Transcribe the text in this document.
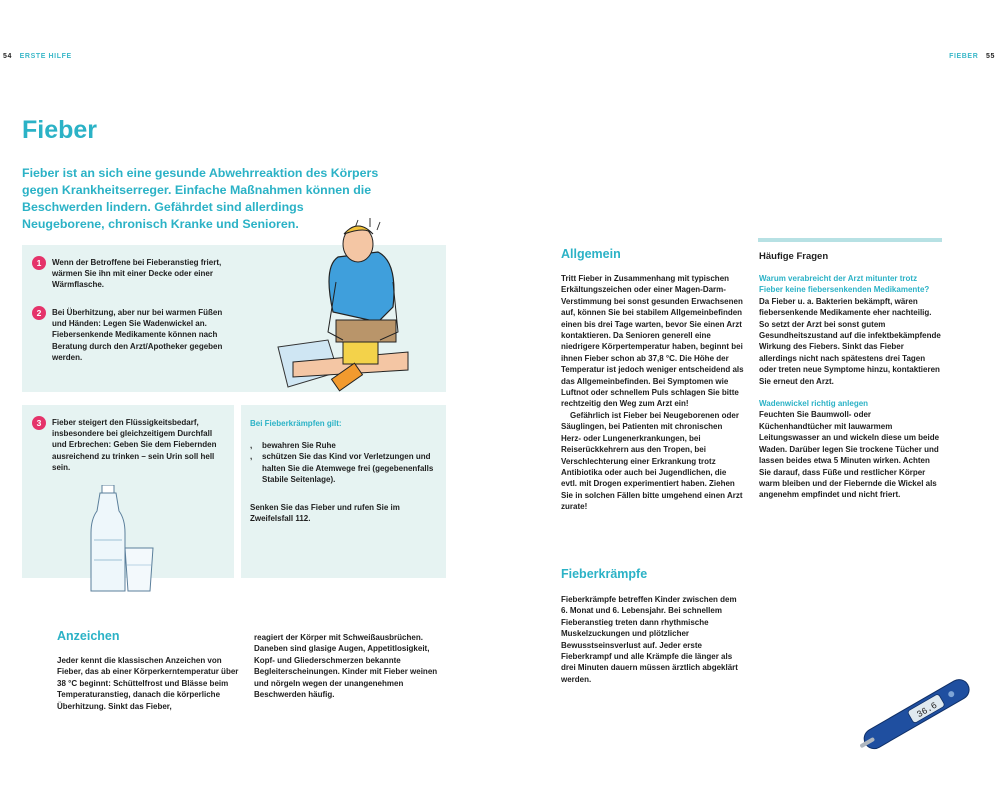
54 ERSTE HILFE	FIEBER 55
Fieber
Fieber ist an sich eine gesunde Abwehrreaktion des Körpers gegen Krankheitserreger. Einfache Maßnahmen können die Beschwerden lindern. Gefährdet sind allerdings Neugeborene, chronisch Kranke und Senioren.
1	Wenn der Betroffene bei Fieberanstieg friert, wärmen Sie ihn mit einer Decke oder einer Wärmflasche.
2	Bei Überhitzung, aber nur bei warmen Füßen und Händen: Legen Sie Wadenwickel an. Fiebersenkende Medikamente können nach Beratung durch den Arzt/Apotheker gegeben werden.
3	Fieber steigert den Flüssigkeitsbedarf, insbesondere bei gleichzeitigem Durchfall und Erbrechen: Geben Sie dem Fiebernden ausreichend zu trinken – sein Urin soll hell sein.
Bei Fieberkrämpfen gilt:
, bewahren Sie Ruhe
, schützen Sie das Kind vor Verletzungen und halten Sie die Atemwege frei (gegebenenfalls Stabile Seitenlage).
Senken Sie das Fieber und rufen Sie im Zweifelsfall 112.
Anzeichen
Jeder kennt die klassischen Anzeichen von Fieber, das ab einer Körperkerntemperatur über 38 °C beginnt: Schüttelfrost und Blässe beim Temperaturanstieg, danach die körperliche Überhitzung. Sinkt das Fieber,
reagiert der Körper mit Schweißausbrüchen. Daneben sind glasige Augen, Appetitlosigkeit, Kopf- und Gliederschmerzen bekannte Begleiterscheinungen. Kinder mit Fieber weinen und nörgeln wegen der unangenehmen Beschwerden häufig.
Allgemein

Tritt Fieber in Zusammenhang mit typischen Erkältungszeichen oder einer Magen-Darm-Verstimmung bei sonst gesunden Erwachsenen auf, können Sie bei stabilem Allgemeinbefinden einen bis drei Tage warten, bevor Sie einen Arzt kontaktieren. Da Senioren generell eine niedrigere Körpertemperatur haben, beginnt bei ihnen Fieber schon ab 37,8 °C. Die Höhe der Temperatur ist jedoch weniger entscheidend als das Allgemeinbefinden. Bei Symptomen wie Luftnot oder schnellem Puls schlagen Sie bitte rechtzeitig den Weg zum Arzt ein!

Gefährlich ist Fieber bei Neugeborenen oder Säuglingen, bei Patienten mit chronischen Herz- oder Lungenerkrankungen, bei Reiserückkehrern aus den Tropen, bei Verschlechterung einer Erkrankung trotz Antibiotika oder auch bei Jugendlichen, die evtl. mit Drogen experimentiert haben. Ziehen Sie in solchen Fällen bitte umgehend einen Arzt zurate!

Fieberkrämpfe
Fieberkrämpfe betreffen Kinder zwischen dem 6. Monat und 6. Lebensjahr. Bei schnellem Fieberanstieg treten dann rhythmische Muskelzuckungen und plötzlicher Bewusstseinsverlust auf. Jeder erste Fieberkrampf und alle Krämpfe die länger als drei Minuten dauern müssen ärztlich abgeklärt werden.
Häufige Fragen

Warum verabreicht der Arzt mitunter trotz Fieber keine fiebersenkenden Medikamente?

Da Fieber u. a. Bakterien bekämpft, wären fiebersenkende Medikamente eher nachteilig. So setzt der Arzt bei sonst gutem Gesundheitszustand auf die infektbekämpfende Wirkung des Fiebers. Sinkt das Fieber allerdings nicht nach spätestens drei Tagen oder treten neue Symptome hinzu, kontaktieren Sie erneut den Arzt.

Wadenwickel richtig anlegen

Feuchten Sie Baumwoll- oder Küchenhandtücher mit lauwarmem Leitungswasser an und wickeln diese um beide Waden. Darüber legen Sie trockene Tücher und lassen beides etwa 5 Minuten wirken. Achten Sie darauf, dass Füße und restlicher Körper warm bleiben und der Fiebernde die Wickel als angenehm empfindet und nicht friert.

36.6
